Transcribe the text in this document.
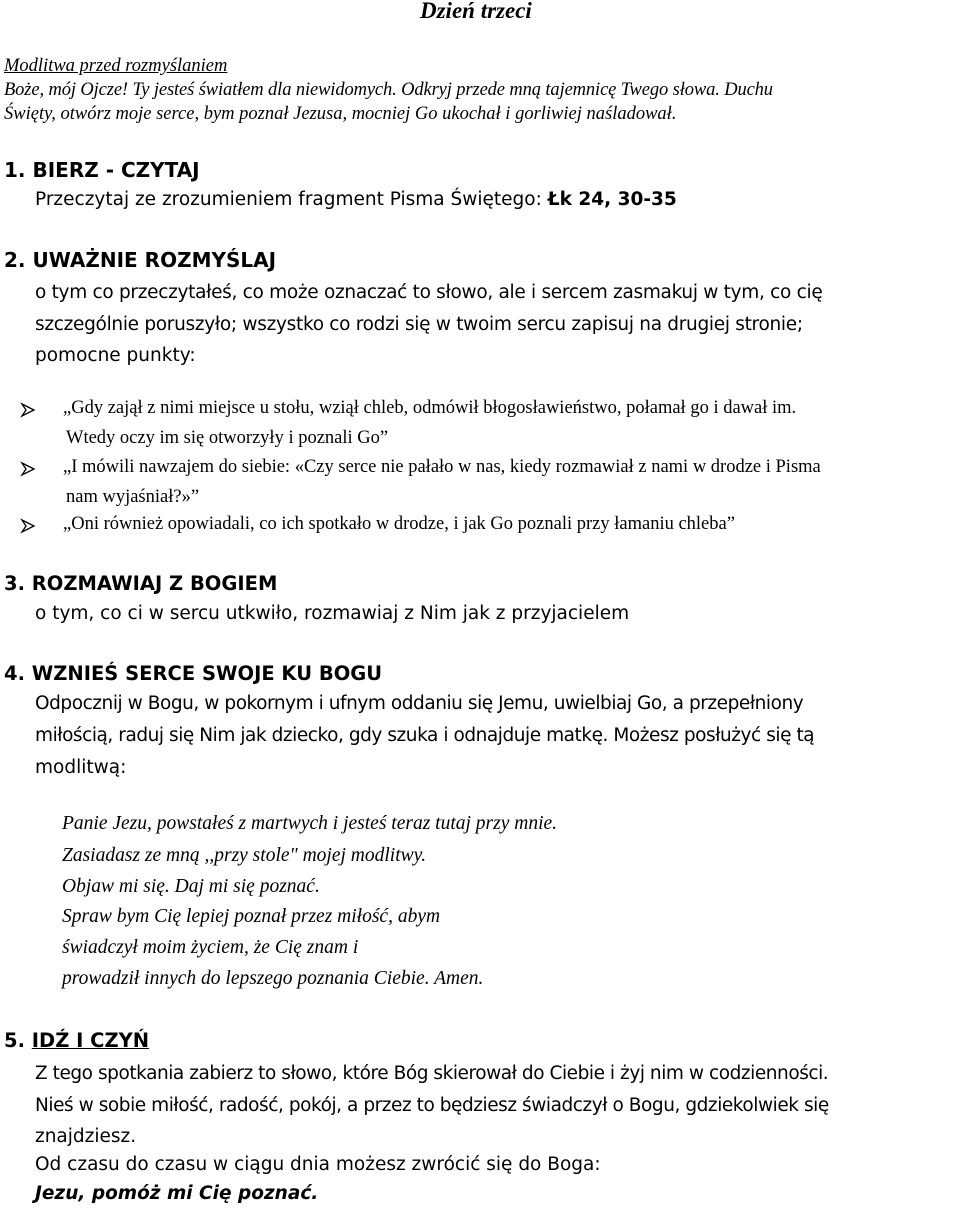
Dzień trzeci
Modlitwa przed rozmyślaniem
Boże, mój Ojcze! Ty jesteś światłem dla niewidomych. Odkryj przede mną tajemnicę Twego słowa. Duchu
Święty, otwórz moje serce, bym poznał Jezusa, mocniej Go ukochał i gorliwiej naśladował.
1. BIERZ - CZYTAJ
Przeczytaj ze zrozumieniem fragment Pisma Świętego: Łk 24, 30-35
2. UWAŻNIE ROZMYŚLAJ
o tym co przeczytałeś, co może oznaczać to słowo, ale i sercem zasmakuj w tym, co cię
szczególnie poruszyło; wszystko co rodzi się w twoim sercu zapisuj na drugiej stronie;
pomocne punkty:
„Gdy zajął z nimi miejsce u stołu, wziął chleb, odmówił błogosławieństwo, połamał go i dawał im.
Wtedy oczy im się otworzyły i poznali Go”
„I mówili nawzajem do siebie: «Czy serce nie pałało w nas, kiedy rozmawiał z nami w drodze i Pisma
nam wyjaśniał?»”
„Oni również opowiadali, co ich spotkało w drodze, i jak Go poznali przy łamaniu chleba”
3. ROZMAWIAJ Z BOGIEM
o tym, co ci w sercu utkwiło, rozmawiaj z Nim jak z przyjacielem
4. WZNIEŚ SERCE SWOJE KU BOGU
Odpocznij w Bogu, w pokornym i ufnym oddaniu się Jemu, uwielbiaj Go, a przepełniony
miłością, raduj się Nim jak dziecko, gdy szuka i odnajduje matkę. Możesz posłużyć się tą
modlitwą:
Panie Jezu, powstałeś z martwych i jesteś teraz tutaj przy mnie.
Zasiadasz ze mną ,,przy stole" mojej modlitwy.
Objaw mi się. Daj mi się poznać.
Spraw bym Cię lepiej poznał przez miłość, abym
świadczył moim życiem, że Cię znam i
prowadził innych do lepszego poznania Ciebie. Amen.
5. IDŹ I CZYŃ
Z tego spotkania zabierz to słowo, które Bóg skierował do Ciebie i żyj nim w codzienności.
Nieś w sobie miłość, radość, pokój, a przez to będziesz świadczył o Bogu, gdziekolwiek się
znajdziesz.
Od czasu do czasu w ciągu dnia możesz zwrócić się do Boga:
Jezu, pomóż mi Cię poznać.
